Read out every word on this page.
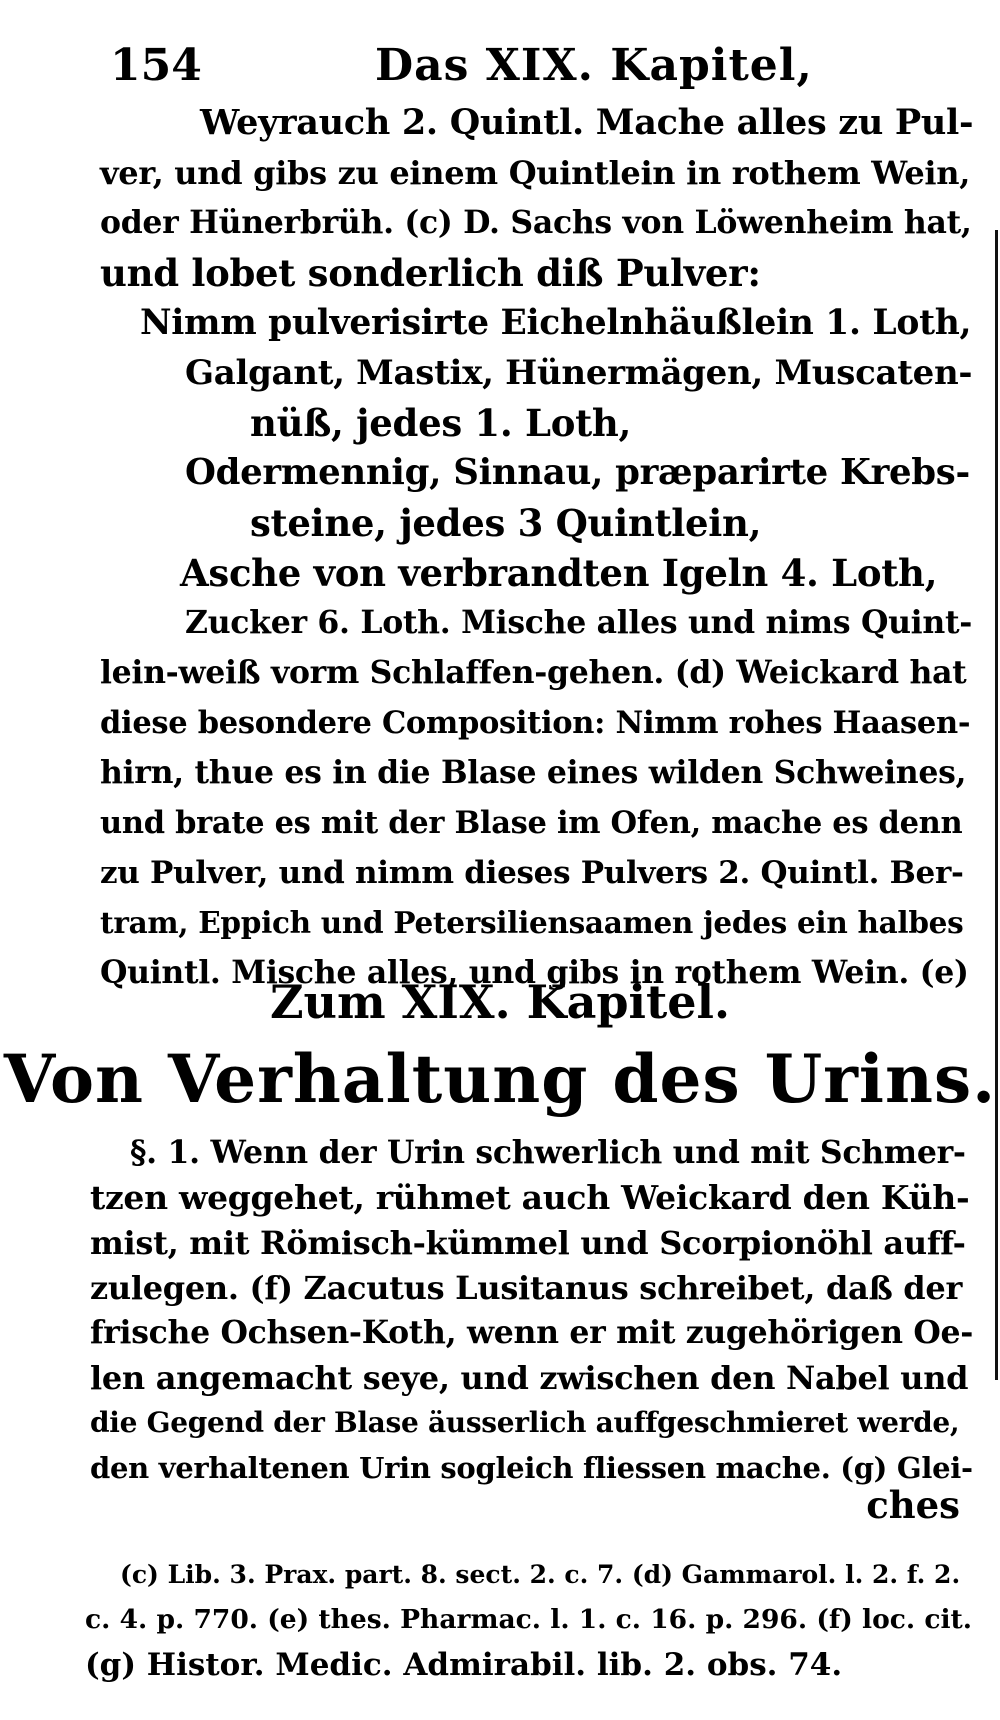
154	Das XIX. Kapitel,
Weyrauch 2. Quintl. Mache alles zu Pul-
ver, und gibs zu einem Quintlein in rothem Wein,
oder Hünerbrüh. (c) D. Sachs von Löwenheim hat,
und lobet sonderlich diß Pulver:
Nimm pulverisirte Eichelnhäußlein 1. Loth,
Galgant, Mastix, Hünermägen, Muscaten-
nüß, jedes 1. Loth,
Odermennig, Sinnau, præparirte Krebs-
steine, jedes 3 Quintlein,
Asche von verbrandten Igeln 4. Loth,
Zucker 6. Loth. Mische alles und nims Quint-
lein-weiß vorm Schlaffen-gehen. (d) Weickard hat
diese besondere Composition: Nimm rohes Haasen-
hirn, thue es in die Blase eines wilden Schweines,
und brate es mit der Blase im Ofen, mache es denn
zu Pulver, und nimm dieses Pulvers 2. Quintl. Ber-
tram, Eppich und Petersiliensaamen jedes ein halbes
Quintl. Mische alles, und gibs in rothem Wein. (e)
Zum XIX. Kapitel.
Von Verhaltung des Urins.
§. 1. Wenn der Urin schwerlich und mit Schmer-
tzen weggehet, rühmet auch Weickard den Küh-
mist, mit Römisch-kümmel und Scorpionöhl auff-
zulegen. (f) Zacutus Lusitanus schreibet, daß der
frische Ochsen-Koth, wenn er mit zugehörigen Oe-
len angemacht seye, und zwischen den Nabel und
die Gegend der Blase äusserlich auffgeschmieret werde,
den verhaltenen Urin sogleich fliessen mache. (g) Glei-
ches
(c) Lib. 3. Prax. part. 8. sect. 2. c. 7. (d) Gammarol. l. 2. f. 2.
c. 4. p. 770. (e) thes. Pharmac. l. 1. c. 16. p. 296. (f) loc. cit.
(g) Histor. Medic. Admirabil. lib. 2. obs. 74.
